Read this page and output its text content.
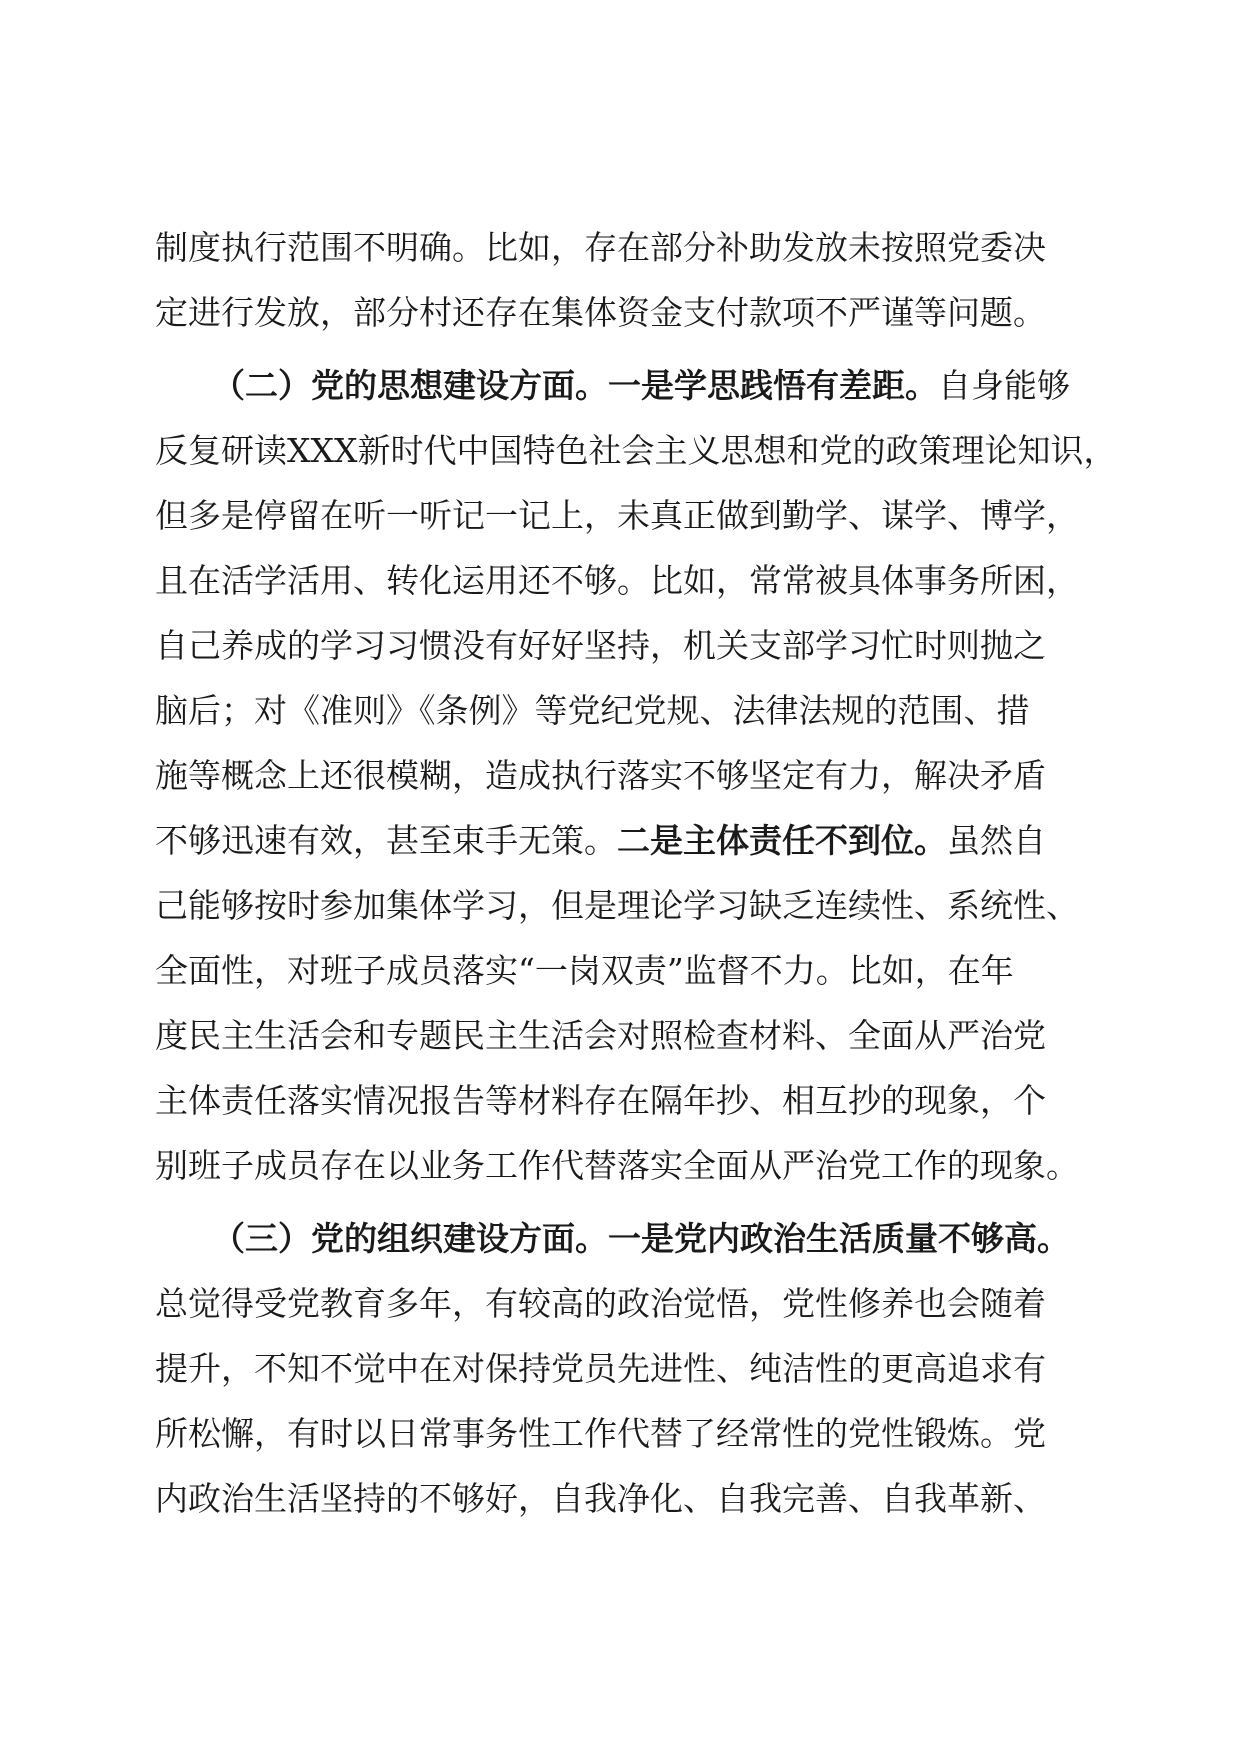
制度执行范围不明确。比如，存在部分补助发放未按照党委决
定进行发放，部分村还存在集体资金支付款项不严谨等问题。
（二）党的思想建设方面。一是学思践悟有差距。自身能够
反复研读XXX新时代中国特色社会主义思想和党的政策理论知识，
但多是停留在听一听记一记上，未真正做到勤学、谋学、博学，
且在活学活用、转化运用还不够。比如，常常被具体事务所困，
自己养成的学习习惯没有好好坚持，机关支部学习忙时则抛之
脑后；对《准则》《条例》等党纪党规、法律法规的范围、措
施等概念上还很模糊，造成执行落实不够坚定有力，解决矛盾
不够迅速有效，甚至束手无策。二是主体责任不到位。虽然自
己能够按时参加集体学习，但是理论学习缺乏连续性、系统性、
全面性，对班子成员落实“一岗双责”监督不力。比如，在年
度民主生活会和专题民主生活会对照检查材料、全面从严治党
主体责任落实情况报告等材料存在隔年抄、相互抄的现象，个
别班子成员存在以业务工作代替落实全面从严治党工作的现象。
（三）党的组织建设方面。一是党内政治生活质量不够高。
总觉得受党教育多年，有较高的政治觉悟，党性修养也会随着
提升，不知不觉中在对保持党员先进性、纯洁性的更高追求有
所松懈，有时以日常事务性工作代替了经常性的党性锻炼。党
内政治生活坚持的不够好，自我净化、自我完善、自我革新、
